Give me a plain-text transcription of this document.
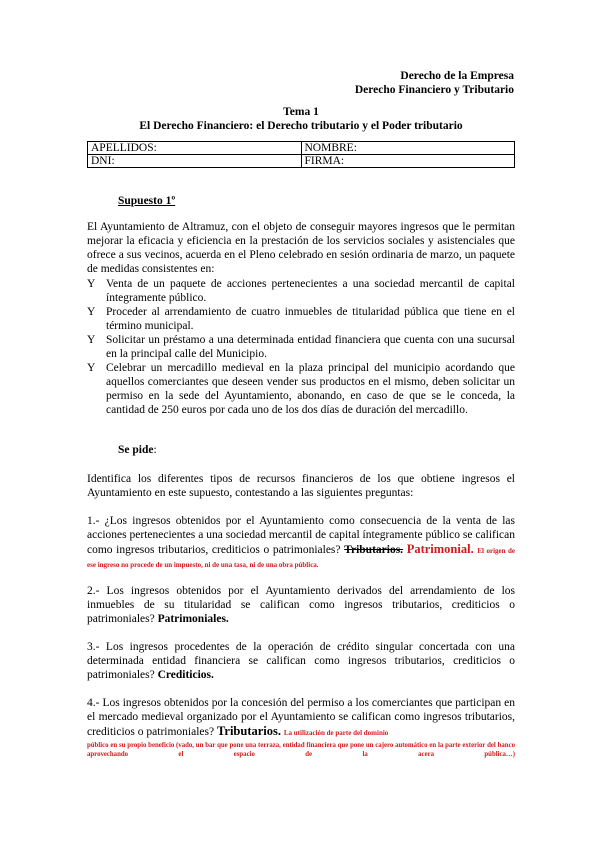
Derecho de la Empresa
Derecho Financiero y Tributario
Tema 1
El Derecho Financiero: el Derecho tributario y el Poder tributario
APELLIDOS:	NOMBRE:
DNI:	FIRMA:
Supuesto 1º
El Ayuntamiento de Altramuz, con el objeto de conseguir mayores ingresos que le permitan mejorar la eficacia y eficiencia en la prestación de los servicios sociales y asistenciales que ofrece a sus vecinos, acuerda en el Pleno celebrado en sesión ordinaria de marzo, un paquete de medidas consistentes en:
Y Venta de un paquete de acciones pertenecientes a una sociedad mercantil de capital íntegramente público.
Y Proceder al arrendamiento de cuatro inmuebles de titularidad pública que tiene en el término municipal.
Y Solicitar un préstamo a una determinada entidad financiera que cuenta con una sucursal en la principal calle del Municipio.
Y Celebrar un mercadillo medieval en la plaza principal del municipio acordando que aquellos comerciantes que deseen vender sus productos en el mismo, deben solicitar un permiso en la sede del Ayuntamiento, abonando, en caso de que se le conceda, la cantidad de 250 euros por cada uno de los dos días de duración del mercadillo.
Se pide:
Identifica los diferentes tipos de recursos financieros de los que obtiene ingresos el Ayuntamiento en este supuesto, contestando a las siguientes preguntas:
1.- ¿Los ingresos obtenidos por el Ayuntamiento como consecuencia de la venta de las acciones pertenecientes a una sociedad mercantil de capital íntegramente público se califican como ingresos tributarios, crediticios o patrimoniales? Tributarios. Patrimonial. El origen de ese ingreso no procede de un impuesto, ni de una tasa, ni de una obra pública.
2.- Los ingresos obtenidos por el Ayuntamiento derivados del arrendamiento de los inmuebles de su titularidad se califican como ingresos tributarios, crediticios o patrimoniales? Patrimoniales.
3.- Los ingresos procedentes de la operación de crédito singular concertada con una determinada entidad financiera se califican como ingresos tributarios, crediticios o patrimoniales? Crediticios.
4.- Los ingresos obtenidos por la concesión del permiso a los comerciantes que participan en el mercado medieval organizado por el Ayuntamiento se califican como ingresos tributarios, crediticios o patrimoniales? Tributarios. La utilización de parte del dominio
público en su propio beneficio (vado, un bar que pone una terraza, entidad financiera que pone un cajero automático en la parte exterior del banco aprovechando el espacio de la acera pública…)
